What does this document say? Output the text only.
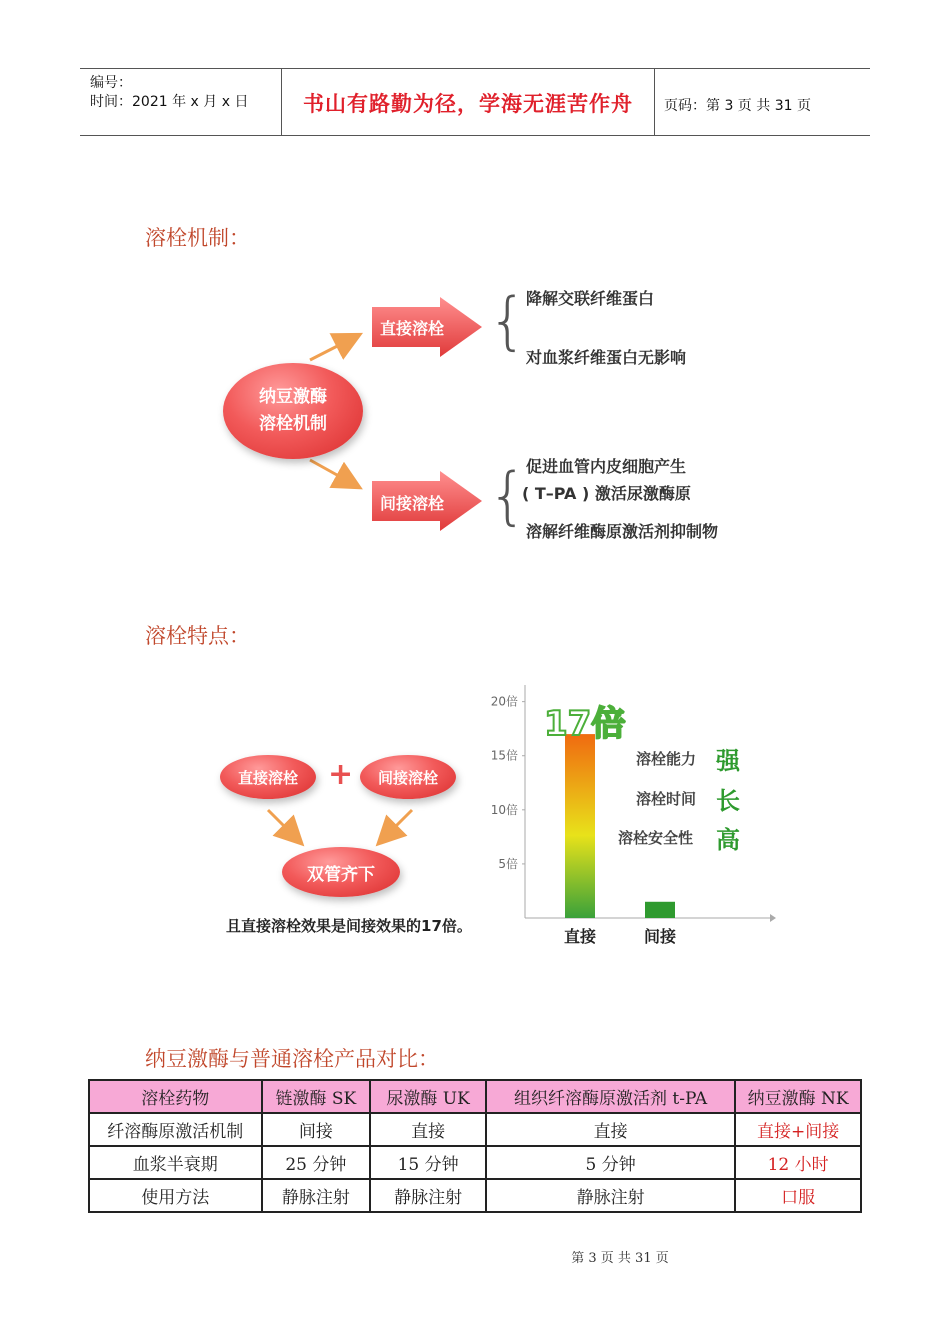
编号：
时间：2021 年 x 月 x 日	书山有路勤为径，学海无涯苦作舟	页码：第 3 页 共 31 页
溶栓机制：
纳豆激酶
溶栓机制
直接溶栓
间接溶栓
{
{
降解交联纤维蛋白
对血浆纤维蛋白无影响
促进血管内皮细胞产生
( T–PA ) 激活尿激酶原
溶解纤维酶原激活剂抑制物
溶栓特点：
直接溶栓	+	间接溶栓
双管齐下
且直接溶栓效果是间接效果的17倍。
5倍
10倍
15倍
20倍
直接	间接
17倍
溶栓能力 强
溶栓时间 长
溶栓安全性 高
纳豆激酶与普通溶栓产品对比：
溶栓药物	链激酶 SK	尿激酶 UK	组织纤溶酶原激活剂 t-PA	纳豆激酶 NK
纤溶酶原激活机制	间接	直接	直接	直接+间接
血浆半衰期	25 分钟	15 分钟	5 分钟	12 小时
使用方法	静脉注射	静脉注射	静脉注射	口服
第 3 页 共 31 页
